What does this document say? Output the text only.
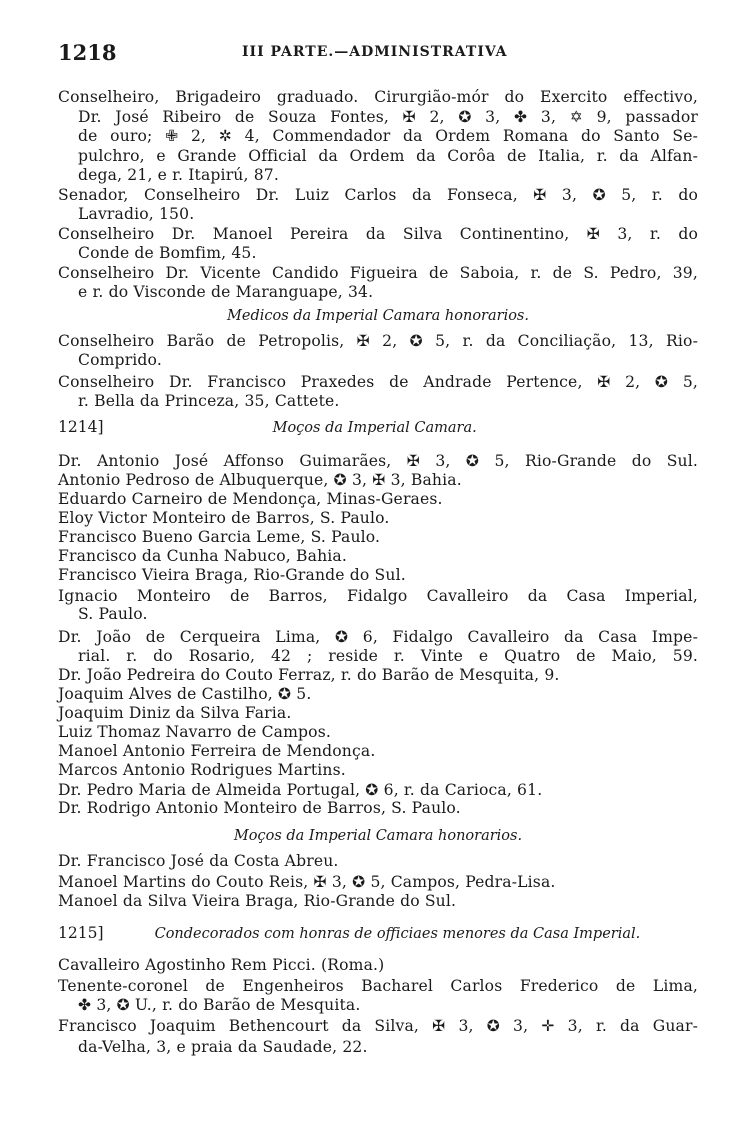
1218	III PARTE.—ADMINISTRATIVA
Conselheiro, Brigadeiro graduado. Cirurgião-mór do Exercito effectivo,
Dr. José Ribeiro de Souza Fontes, ✠ 2, ✪ 3, ✤ 3, ✡ 9, passador
de ouro; ✙ 2, ✲ 4, Commendador da Ordem Romana do Santo Se-
pulchro, e Grande Official da Ordem da Corôa de Italia, r. da Alfan-
dega, 21, e r. Itapirú, 87.
Senador, Conselheiro Dr. Luiz Carlos da Fonseca, ✠ 3, ✪ 5, r. do
Lavradio, 150.
Conselheiro Dr. Manoel Pereira da Silva Continentino, ✠ 3, r. do
Conde de Bomfim, 45.
Conselheiro Dr. Vicente Candido Figueira de Saboia, r. de S. Pedro, 39,
e r. do Visconde de Maranguape, 34.
Medicos da Imperial Camara honorarios.
Conselheiro Barão de Petropolis, ✠ 2, ✪ 5, r. da Conciliação, 13, Rio-
Comprido.
Conselheiro Dr. Francisco Praxedes de Andrade Pertence, ✠ 2, ✪ 5,
r. Bella da Princeza, 35, Cattete.
1214]	Moços da Imperial Camara.
Dr. Antonio José Affonso Guimarães, ✠ 3, ✪ 5, Rio-Grande do Sul.
Antonio Pedroso de Albuquerque, ✪ 3, ✠ 3, Bahia.
Eduardo Carneiro de Mendonça, Minas-Geraes.
Eloy Victor Monteiro de Barros, S. Paulo.
Francisco Bueno Garcia Leme, S. Paulo.
Francisco da Cunha Nabuco, Bahia.
Francisco Vieira Braga, Rio-Grande do Sul.
Ignacio Monteiro de Barros, Fidalgo Cavalleiro da Casa Imperial,
S. Paulo.
Dr. João de Cerqueira Lima, ✪ 6, Fidalgo Cavalleiro da Casa Impe-
rial. r. do Rosario, 42 ; reside r. Vinte e Quatro de Maio, 59.
Dr. João Pedreira do Couto Ferraz, r. do Barão de Mesquita, 9.
Joaquim Alves de Castilho, ✪ 5.
Joaquim Diniz da Silva Faria.
Luiz Thomaz Navarro de Campos.
Manoel Antonio Ferreira de Mendonça.
Marcos Antonio Rodrigues Martins.
Dr. Pedro Maria de Almeida Portugal, ✪ 6, r. da Carioca, 61.
Dr. Rodrigo Antonio Monteiro de Barros, S. Paulo.
Moços da Imperial Camara honorarios.
Dr. Francisco José da Costa Abreu.
Manoel Martins do Couto Reis, ✠ 3, ✪ 5, Campos, Pedra-Lisa.
Manoel da Silva Vieira Braga, Rio-Grande do Sul.
1215]	Condecorados com honras de officiaes menores da Casa Imperial.
Cavalleiro Agostinho Rem Picci. (Roma.)
Tenente-coronel de Engenheiros Bacharel Carlos Frederico de Lima,
✤ 3, ✪ U., r. do Barão de Mesquita.
Francisco Joaquim Bethencourt da Silva, ✠ 3, ✪ 3, ✛ 3, r. da Guar-
da-Velha, 3, e praia da Saudade, 22.
